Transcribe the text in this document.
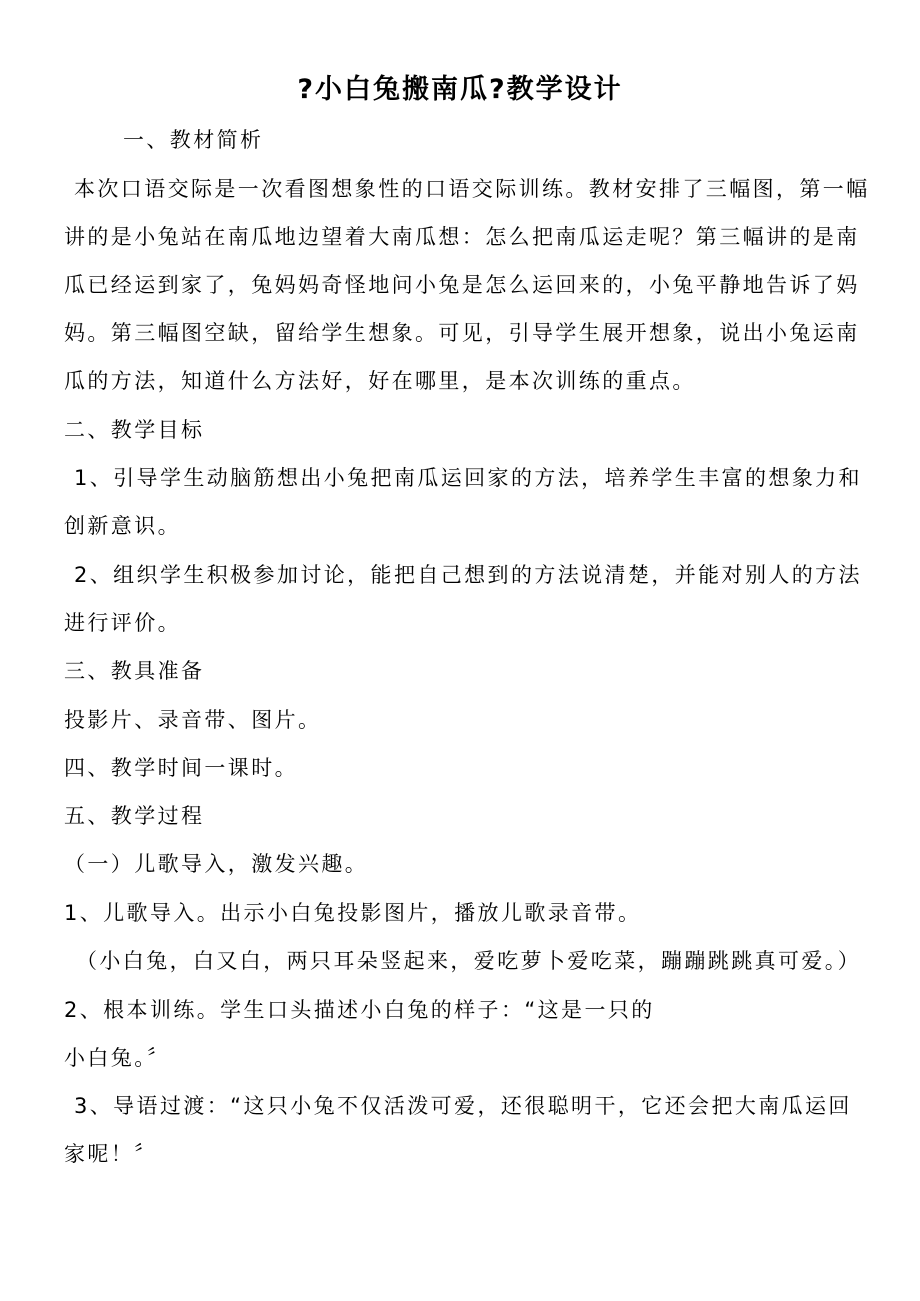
?小白兔搬南瓜?教学设计
一、教材简析
本次口语交际是一次看图想象性的口语交际训练。教材安排了三幅图，第一幅
讲的是小兔站在南瓜地边望着大南瓜想：怎么把南瓜运走呢？第三幅讲的是南
瓜已经运到家了，兔妈妈奇怪地问小兔是怎么运回来的，小兔平静地告诉了妈
妈。第三幅图空缺，留给学生想象。可见，引导学生展开想象，说出小兔运南
瓜的方法，知道什么方法好，好在哪里，是本次训练的重点。
二、教学目标
1、引导学生动脑筋想出小兔把南瓜运回家的方法，培养学生丰富的想象力和
创新意识。
2、组织学生积极参加讨论，能把自己想到的方法说清楚，并能对别人的方法
进行评价。
三、教具准备
投影片、录音带、图片。
四、教学时间一课时。
五、教学过程
（一）儿歌导入，激发兴趣。
1、儿歌导入。出示小白兔投影图片，播放儿歌录音带。
（小白兔，白又白，两只耳朵竖起来，爱吃萝卜爱吃菜，蹦蹦跳跳真可爱。）
2、根本训练。学生口头描述小白兔的样子：“这是一只的
小白兔。〞
3、导语过渡：“这只小兔不仅活泼可爱，还很聪明干，它还会把大南瓜运回
家呢！〞
